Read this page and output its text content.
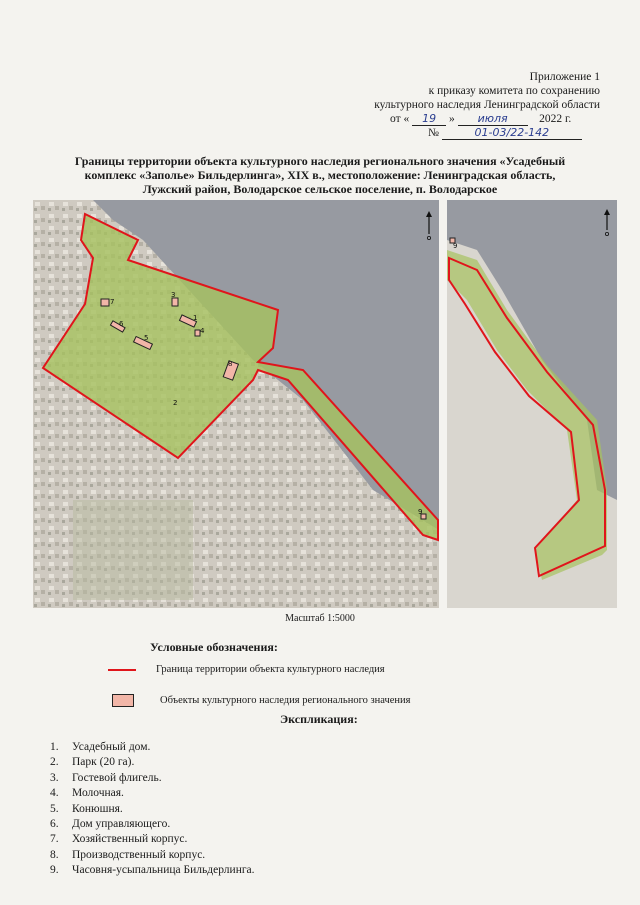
Приложение 1
к приказу комитета по сохранению
культурного наследия Ленинградской области
от « 19 » июля	2022 г.
№	01-03/22-142
Границы территории объекта культурного наследия регионального значения «Усадебный
комплекс «Заполье» Бильдерлинга», XIX в., местоположение: Ленинградская область,
Лужский район, Володарское сельское поселение, п. Володарское
1
2
3
4
5
6
7
8
9
9
Масштаб 1:5000
Условные обозначения:
Граница территории объекта культурного наследия
Объекты культурного наследия регионального значения
Экспликация:
1.	Усадебный дом.
2.	Парк (20 га).
3.	Гостевой флигель.
4.	Молочная.
5.	Конюшня.
6.	Дом управляющего.
7.	Хозяйственный корпус.
8.	Производственный корпус.
9.	Часовня-усыпальница Бильдерлинга.
